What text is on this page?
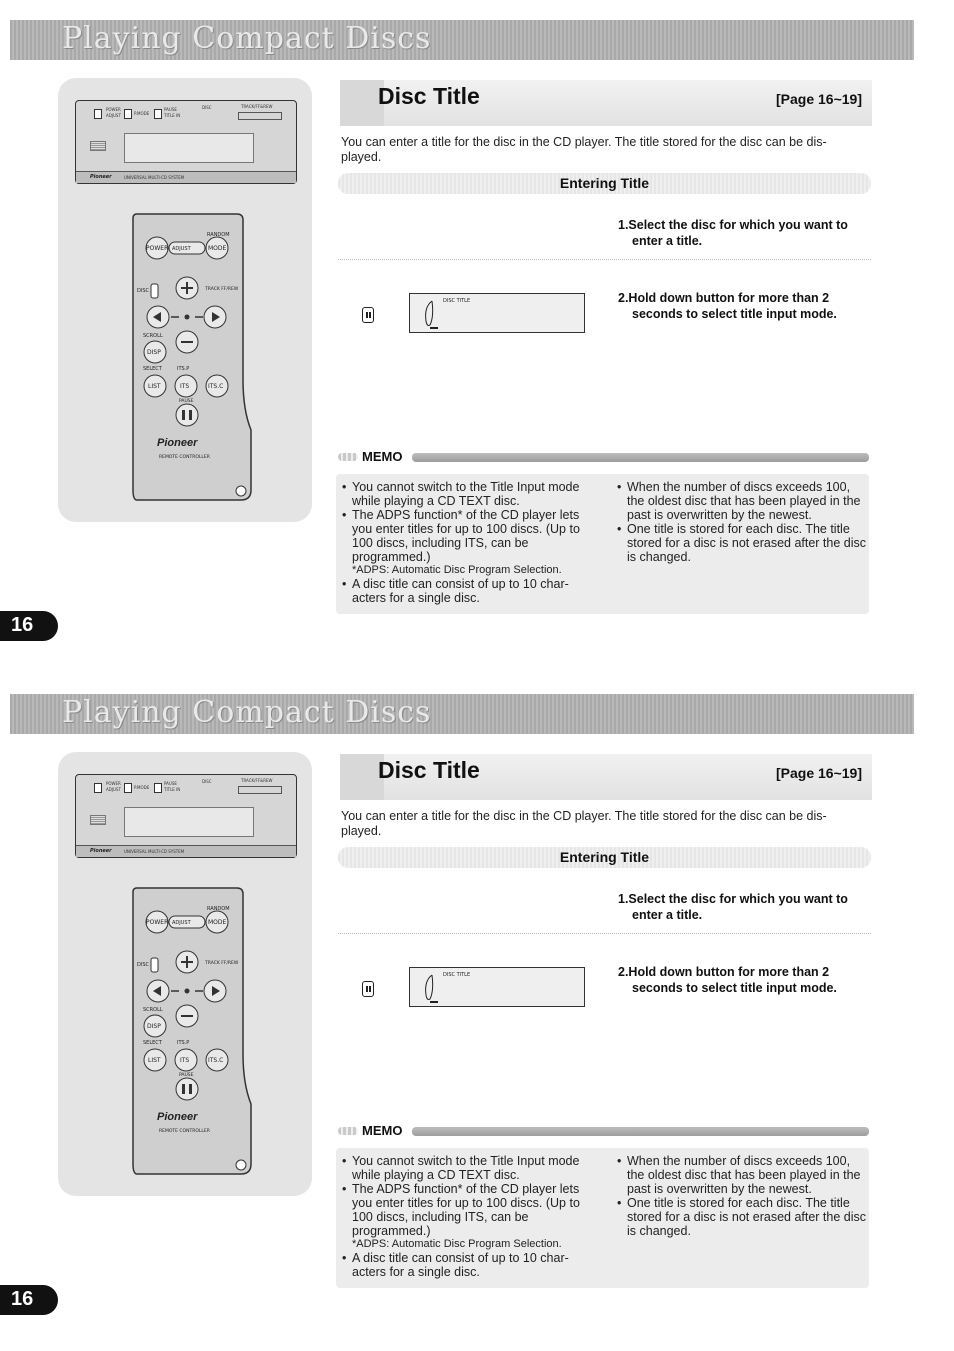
Playing Compact Discs
POWER
ADJUST	P.MODE
PAUSE
TITLE IN
DISC	TRACK/FF&REW
Pioneer	UNIVERSAL MULTI-CD SYSTEM
RANDOM
POWER ADJUST	MODE
DISC	TRACK FF/REW
SCROLL
DISP
SELECT	ITS.P
LIST	ITS	ITS.C
PAUSE
Pioneer
REMOTE CONTROLLER
Disc Title	[Page 16~19]

You can enter a title for the disc in the CD player. The title stored for the disc can be dis-played.

Entering Title
1.Select the disc for which you want to enter a title.
DISC TITLE	2.Hold down button for more than 2 seconds to select title input mode.
MEMO
• You cannot switch to the Title Input mode while playing a CD TEXT disc.
• The ADPS function* of the CD player lets you enter titles for up to 100 discs. (Up to 100 discs, including ITS, can be programmed.)
*ADPS: Automatic Disc Program Selection.
• A disc title can consist of up to 10 char-acters for a single disc.
• When the number of discs exceeds 100, the oldest disc that has been played in the past is overwritten by the newest.
• One title is stored for each disc. The title stored for a disc is not erased after the disc is changed.
16
Playing Compact Discs
POWER
ADJUST	P.MODE
PAUSE
TITLE IN
DISC	TRACK/FF&REW
Pioneer	UNIVERSAL MULTI-CD SYSTEM
RANDOM
POWER ADJUST	MODE
DISC	TRACK FF/REW
SCROLL
DISP
SELECT	ITS.P
LIST	ITS	ITS.C
PAUSE
Pioneer
REMOTE CONTROLLER
Disc Title	[Page 16~19]

You can enter a title for the disc in the CD player. The title stored for the disc can be dis-played.

Entering Title
1.Select the disc for which you want to enter a title.
DISC TITLE	2.Hold down button for more than 2 seconds to select title input mode.
MEMO
• You cannot switch to the Title Input mode while playing a CD TEXT disc.
• The ADPS function* of the CD player lets you enter titles for up to 100 discs. (Up to 100 discs, including ITS, can be programmed.)
*ADPS: Automatic Disc Program Selection.
• A disc title can consist of up to 10 char-acters for a single disc.
• When the number of discs exceeds 100, the oldest disc that has been played in the past is overwritten by the newest.
• One title is stored for each disc. The title stored for a disc is not erased after the disc is changed.
16
